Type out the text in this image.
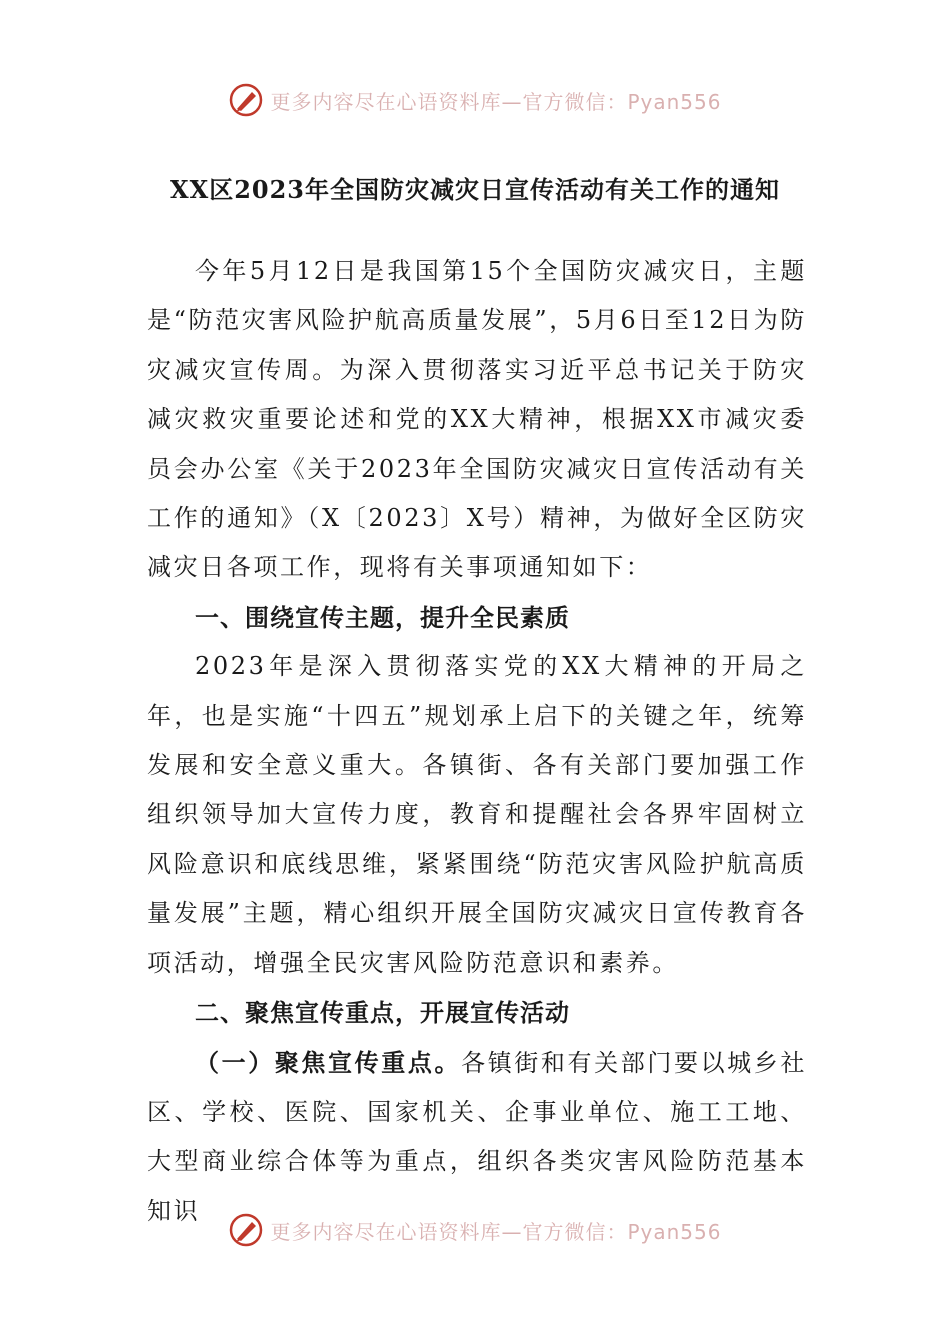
更多内容尽在心语资料库—官方微信：Pyan556
XX区2023年全国防灾减灾日宣传活动有关工作的通知

今年5月12日是我国第15个全国防灾减灾日，主题是“防范灾害风险护航高质量发展”，5月6日至12日为防灾减灾宣传周。为深入贯彻落实习近平总书记关于防灾减灾救灾重要论述和党的XX大精神，根据XX市减灾委员会办公室《关于2023年全国防灾减灾日宣传活动有关工作的通知》（X〔2023〕X号）精神，为做好全区防灾减灾日各项工作，现将有关事项通知如下：

一、围绕宣传主题，提升全民素质

2023年是深入贯彻落实党的XX大精神的开局之年，也是实施“十四五”规划承上启下的关键之年，统筹发展和安全意义重大。各镇街、各有关部门要加强工作组织领导加大宣传力度，教育和提醒社会各界牢固树立风险意识和底线思维，紧紧围绕“防范灾害风险护航高质量发展”主题，精心组织开展全国防灾减灾日宣传教育各项活动，增强全民灾害风险防范意识和素养。

二、聚焦宣传重点，开展宣传活动

（一）聚焦宣传重点。各镇街和有关部门要以城乡社区、学校、医院、国家机关、企事业单位、施工工地、大型商业综合体等为重点，组织各类灾害风险防范基本知识

更多内容尽在心语资料库—官方微信：Pyan556
